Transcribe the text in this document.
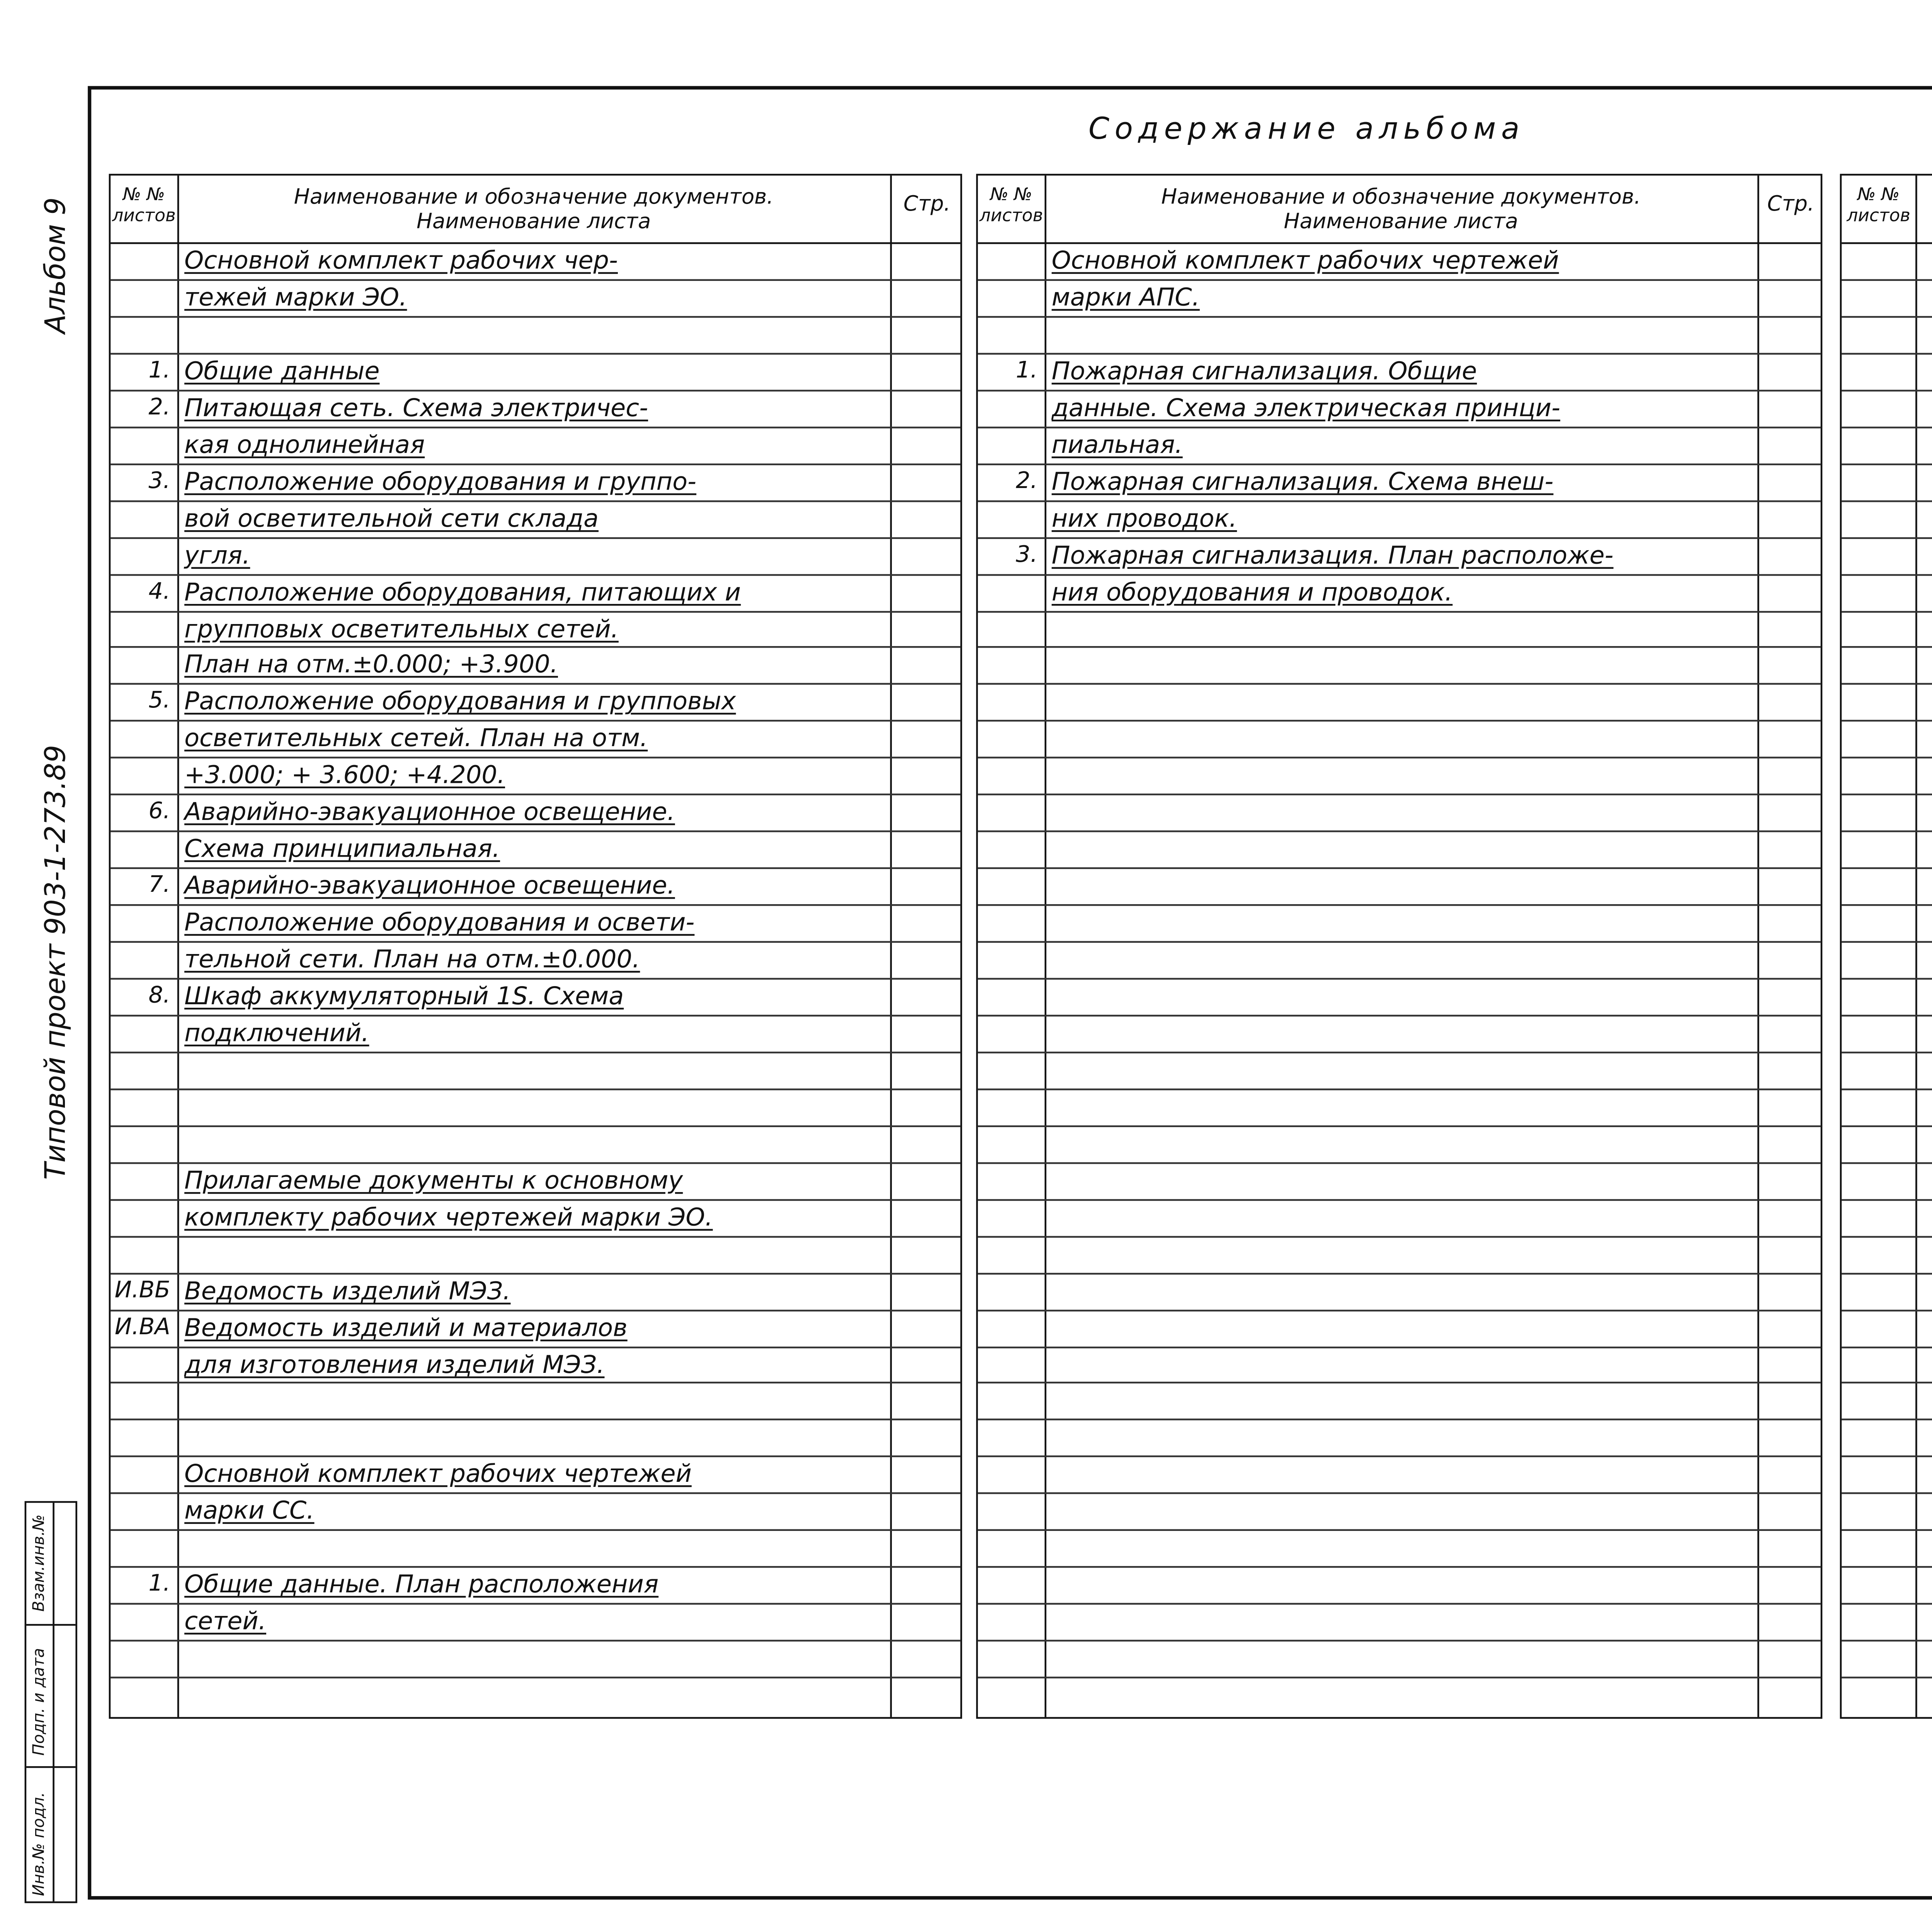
Альбом 9
Типовой проект 903-1-273.89
Содержание альбома
№ № листов
Наименование и обозначение документов.
Наименование листа
Стр.
Основной комплект рабочих чер-
тежей марки ЭО.
1.	Общие данные
2.	Питающая сеть. Схема электричес-
кая однолинейная
3.	Расположение оборудования и группо-
вой осветительной сети склада
угля.
4.	Расположение оборудования, питающих и
групповых осветительных сетей.
План на отм.±0.000; +3.900.
5.	Расположение оборудования и групповых
осветительных сетей. План на отм.
+3.000; + 3.600; +4.200.
6.	Аварийно-эвакуационное освещение.
Схема принципиальная.
7.	Аварийно-эвакуационное освещение.
Расположение оборудования и освети-
тельной сети. План на отм.±0.000.
8.	Шкаф аккумуляторный 1S. Схема
подключений.
Прилагаемые документы к основному
комплекту рабочих чертежей марки ЭО.
И.ВБ	Ведомость изделий МЭЗ.
И.ВА	Ведомость изделий и материалов
для изготовления изделий МЭЗ.
Основной комплект рабочих чертежей
марки СС.
1.	Общие данные. План расположения
сетей.
№ № листов
Наименование и обозначение документов.
Наименование листа
Стр.
Основной комплект рабочих чертежей
марки АПС.
1.	Пожарная сигнализация. Общие
данные. Схема электрическая принци-
пиальная.
2.	Пожарная сигнализация. Схема внеш-
них проводок.
3.	Пожарная сигнализация. План расположе-
ния оборудования и проводок.
№ № листов
Взам.инв.№
Подп. и дата
Инв.№ подл.
